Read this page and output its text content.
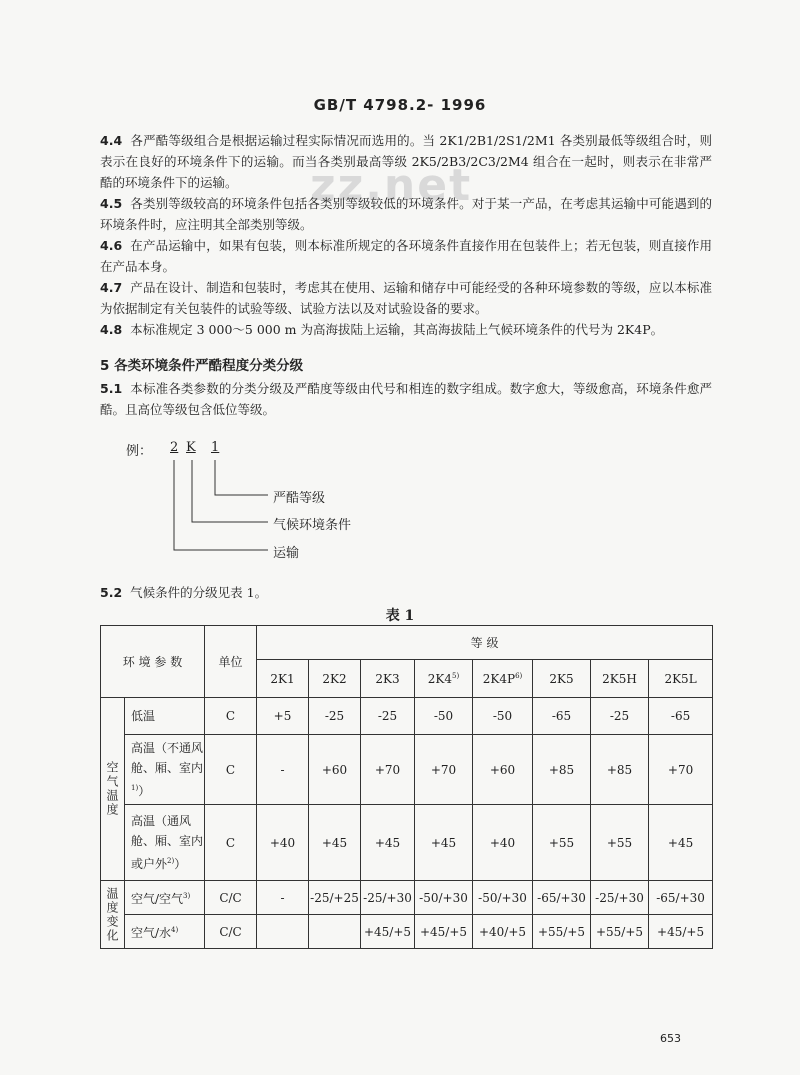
GB/T 4798.2- 1996
zz.net
4.4 各严酷等级组合是根据运输过程实际情况而选用的。当 2K1/2B1/2S1/2M1 各类别最低等级组合时，则表示在良好的环境条件下的运输。而当各类别最高等级 2K5/2B3/2C3/2M4 组合在一起时，则表示在非常严酷的环境条件下的运输。
4.5 各类别等级较高的环境条件包括各类别等级较低的环境条件。对于某一产品，在考虑其运输中可能遇到的环境条件时，应注明其全部类别等级。
4.6 在产品运输中，如果有包装，则本标准所规定的各环境条件直接作用在包装件上；若无包装，则直接作用在产品本身。
4.7 产品在设计、制造和包装时，考虑其在使用、运输和储存中可能经受的各种环境参数的等级，应以本标准为依据制定有关包装件的试验等级、试验方法以及对试验设备的要求。
4.8 本标准规定 3 000～5 000 m 为高海拔陆上运输，其高海拔陆上气候环境条件的代号为 2K4P。
5 各类环境条件严酷程度分类分级
5.1 本标准各类参数的分类分级及严酷度等级由代号和相连的数字组成。数字愈大，等级愈高，环境条件愈严酷。且高位等级包含低位等级。
例： 2 K 1
严酷等级
气候环境条件
运输
5.2 气候条件的分级见表 1。
表 1
环 境 参 数		单位	等 级							
			2K1	2K2	2K3	2K4$^{5)}$	$2K4P^{6)}$	2K5	2K5H	2K5L

空气温度	低温	C	+5	-25	-25	-50	-50	-65	-25	-65
	高温（不通风舱、厢、室内$^{1)}$）	C	-	+60	+70	+70	+60	+85	+85	+70
	高温（通风舱、厢、室内或户外$^{2)}$）	C	+40	+45	+45	+45	+40	+55	+55	+45

温度变化	空气/空气$^{3)}$	C/C	-	-25/+25	-25/+30	-50/+30	-50/+30	-65/+30	-25/+30	-65/+30
	空气/水$^{4)}$	C/C			+45/+5	+45/+5	+40/+5	+55/+5	+55/+5	+45/+5
653
